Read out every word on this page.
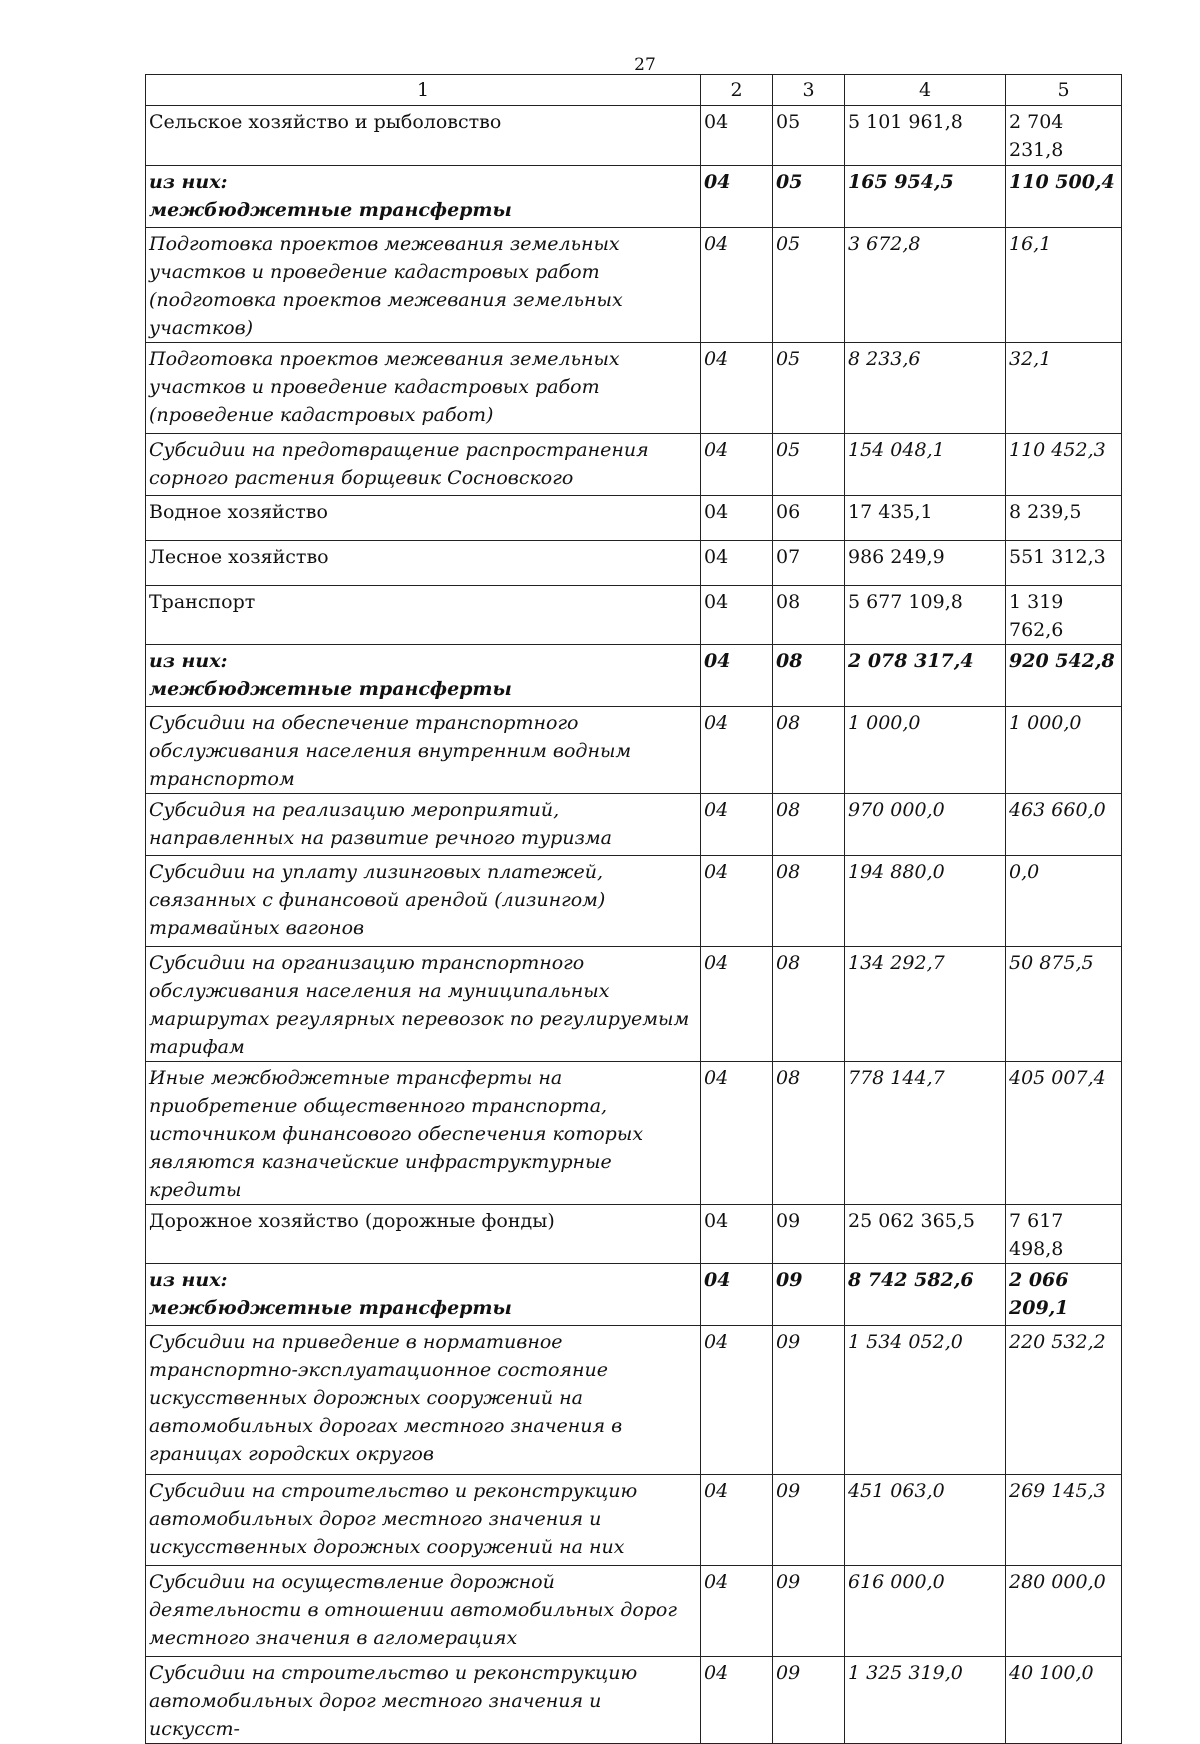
27
1	2	3	4	5
Сельское хозяйство и рыболовство	04	05	5 101 961,8	2 704 231,8

из них:
межбюджетные трансферты	04	05	165 954,5	110 500,4
Подготовка проектов межевания земельных участков и проведение кадастровых работ (подготовка проектов межевания земельных участков)	04	05	3 672,8	16,1
Подготовка проектов межевания земельных участков и проведение кадастровых работ (проведение кадастровых работ)	04	05	8 233,6	32,1
Субсидии на предотвращение распространения сорного растения борщевик Сосновского	04	05	154 048,1	110 452,3
Водное хозяйство	04	06	17 435,1	8 239,5
Лесное хозяйство	04	07	986 249,9	551 312,3
Транспорт	04	08	5 677 109,8	1 319 762,6

из них:
межбюджетные трансферты	04	08	2 078 317,4	920 542,8
Субсидии на обеспечение транспортного обслуживания населения внутренним водным транспортом	04	08	1 000,0	1 000,0
Субсидия на реализацию мероприятий, направленных на развитие речного туризма	04	08	970 000,0	463 660,0
Субсидии на уплату лизинговых платежей, связанных с финансовой арендой (лизингом) трамвайных вагонов	04	08	194 880,0	0,0
Субсидии на организацию транспортного обслуживания населения на муниципальных маршрутах регулярных перевозок по регулируемым тарифам	04	08	134 292,7	50 875,5
Иные межбюджетные трансферты на приобретение общественного транспорта, источником финансового обеспечения которых являются казначейские инфраструктурные кредиты	04	08	778 144,7	405 007,4
Дорожное хозяйство (дорожные фонды)	04	09	25 062 365,5	7 617 498,8

из них:
межбюджетные трансферты	04	09	8 742 582,6	2 066 209,1
Субсидии на приведение в нормативное транспортно-эксплуатационное состояние искусственных дорожных сооружений на автомобильных дорогах местного значения в границах городских округов	04	09	1 534 052,0	220 532,2
Субсидии на строительство и реконструкцию автомобильных дорог местного значения и искусственных дорожных сооружений на них	04	09	451 063,0	269 145,3
Субсидии на осуществление дорожной деятельности в отношении автомобильных дорог местного значения в агломерациях	04	09	616 000,0	280 000,0
Субсидии на строительство и реконструкцию автомобильных дорог местного значения и искусст-	04	09	1 325 319,0	40 100,0
